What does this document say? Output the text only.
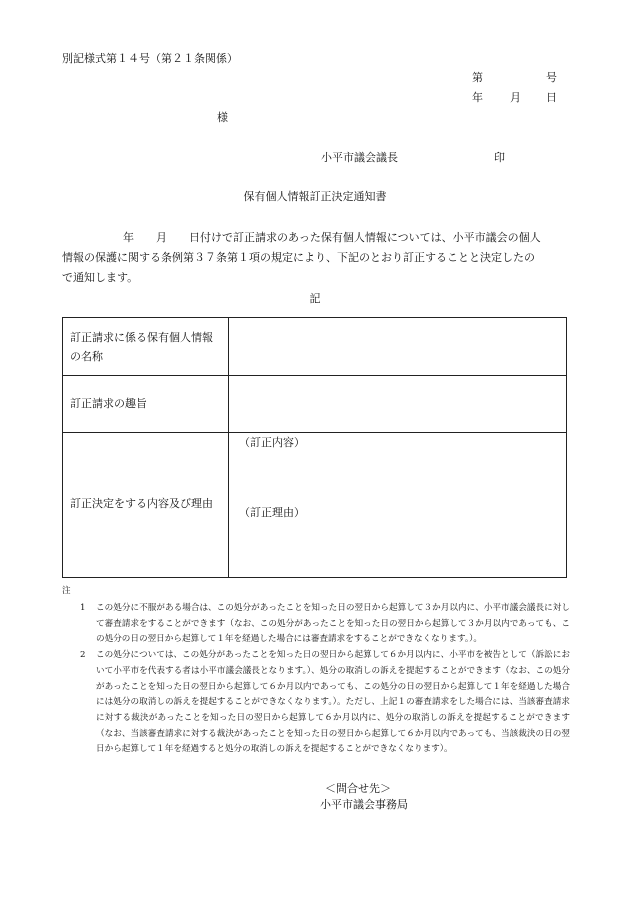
別記様式第１４号（第２１条関係）
第	号
年 月 日
様
小平市議会議長	印
保有個人情報訂正決定通知書
年　　月　　日付けで訂正請求のあった保有個人情報については、小平市議会の個人
情報の保護に関する条例第３７条第１項の規定により、下記のとおり訂正することと決定したの
で通知します。
記
訂正請求に係る保有個人情報
の名称
訂正請求の趣旨
訂正決定をする内容及び理由
（訂正内容）
（訂正理由）
注
1 この処分に不服がある場合は、この処分があったことを知った日の翌日から起算して３か月以内に、小平市議会議長に対して審査請求をすることができます（なお、この処分があったことを知った日の翌日から起算して３か月以内であっても、この処分の日の翌日から起算して１年を経過した場合には審査請求をすることができなくなります。）。
2 この処分については、この処分があったことを知った日の翌日から起算して６か月以内に、小平市を被告として（訴訟において小平市を代表する者は小平市議会議長となります。）、処分の取消しの訴えを提起することができます（なお、この処分があったことを知った日の翌日から起算して６か月以内であっても、この処分の日の翌日から起算して１年を経過した場合には処分の取消しの訴えを提起することができなくなります。）。ただし、上記１の審査請求をした場合には、当該審査請求に対する裁決があったことを知った日の翌日から起算して６か月以内に、処分の取消しの訴えを提起することができます（なお、当該審査請求に対する裁決があったことを知った日の翌日から起算して６か月以内であっても、当該裁決の日の翌日から起算して１年を経過すると処分の取消しの訴えを提起することができなくなります）。
＜問合せ先＞
小平市議会事務局
